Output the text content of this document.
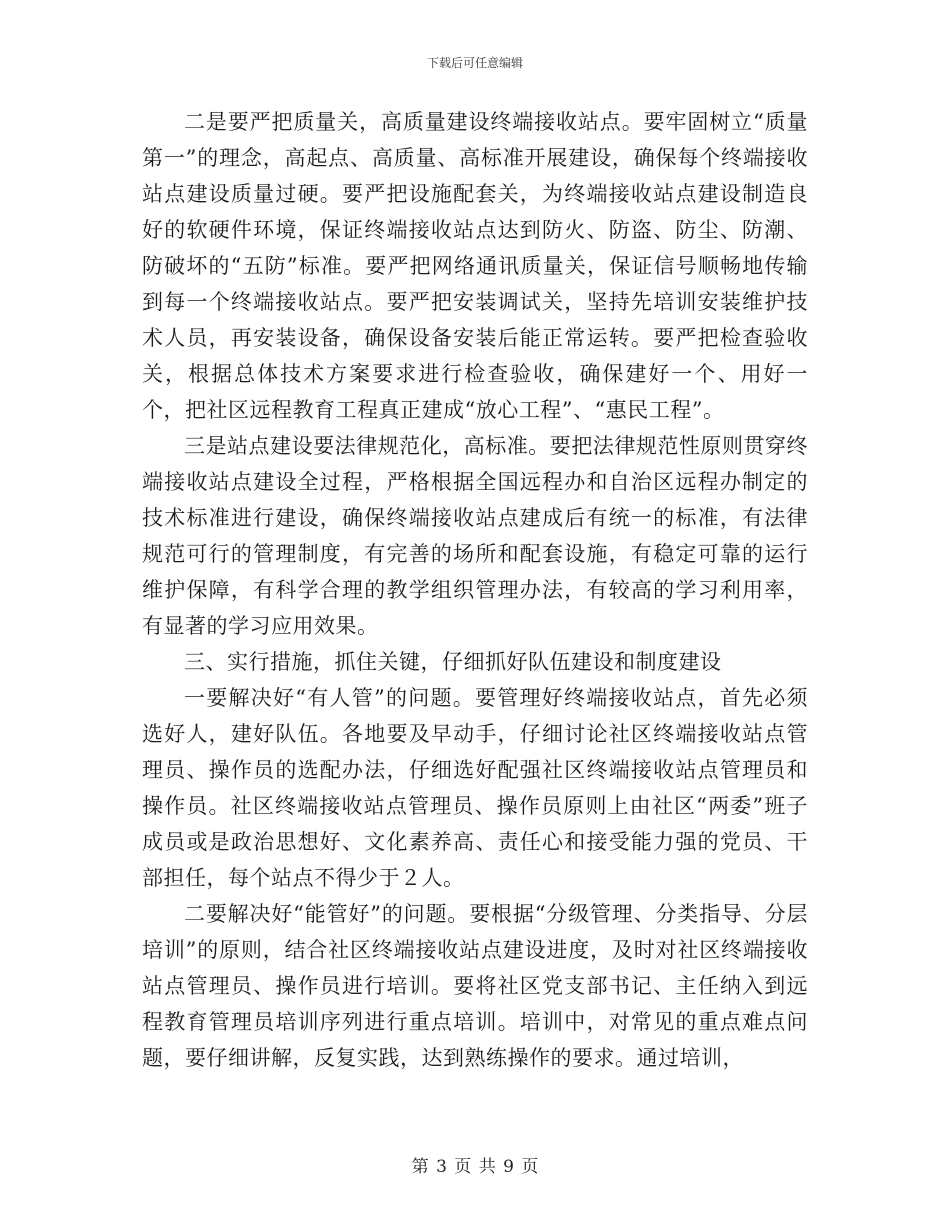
下载后可任意编辑

二是要严把质量关，高质量建设终端接收站点。要牢固树立“质量第一”的理念，高起点、高质量、高标准开展建设，确保每个终端接收站点建设质量过硬。要严把设施配套关，为终端接收站点建设制造良好的软硬件环境，保证终端接收站点达到防火、防盗、防尘、防潮、防破坏的“五防”标准。要严把网络通讯质量关，保证信号顺畅地传输到每一个终端接收站点。要严把安装调试关，坚持先培训安装维护技术人员，再安装设备，确保设备安装后能正常运转。要严把检查验收关，根据总体技术方案要求进行检查验收，确保建好一个、用好一个，把社区远程教育工程真正建成“放心工程”、“惠民工程”。

三是站点建设要法律规范化，高标准。要把法律规范性原则贯穿终端接收站点建设全过程，严格根据全国远程办和自治区远程办制定的技术标准进行建设，确保终端接收站点建成后有统一的标准，有法律规范可行的管理制度，有完善的场所和配套设施，有稳定可靠的运行维护保障，有科学合理的教学组织管理办法，有较高的学习利用率，有显著的学习应用效果。

三、实行措施，抓住关键，仔细抓好队伍建设和制度建设

一要解决好“有人管”的问题。要管理好终端接收站点，首先必须选好人，建好队伍。各地要及早动手，仔细讨论社区终端接收站点管理员、操作员的选配办法，仔细选好配强社区终端接收站点管理员和操作员。社区终端接收站点管理员、操作员原则上由社区“两委”班子成员或是政治思想好、文化素养高、责任心和接受能力强的党员、干部担任，每个站点不得少于２人。

二要解决好“能管好”的问题。要根据“分级管理、分类指导、分层培训”的原则，结合社区终端接收站点建设进度，及时对社区终端接收站点管理员、操作员进行培训。要将社区党支部书记、主任纳入到远程教育管理员培训序列进行重点培训。培训中，对常见的重点难点问题，要仔细讲解，反复实践，达到熟练操作的要求。通过培训，

第 3 页 共 9 页
